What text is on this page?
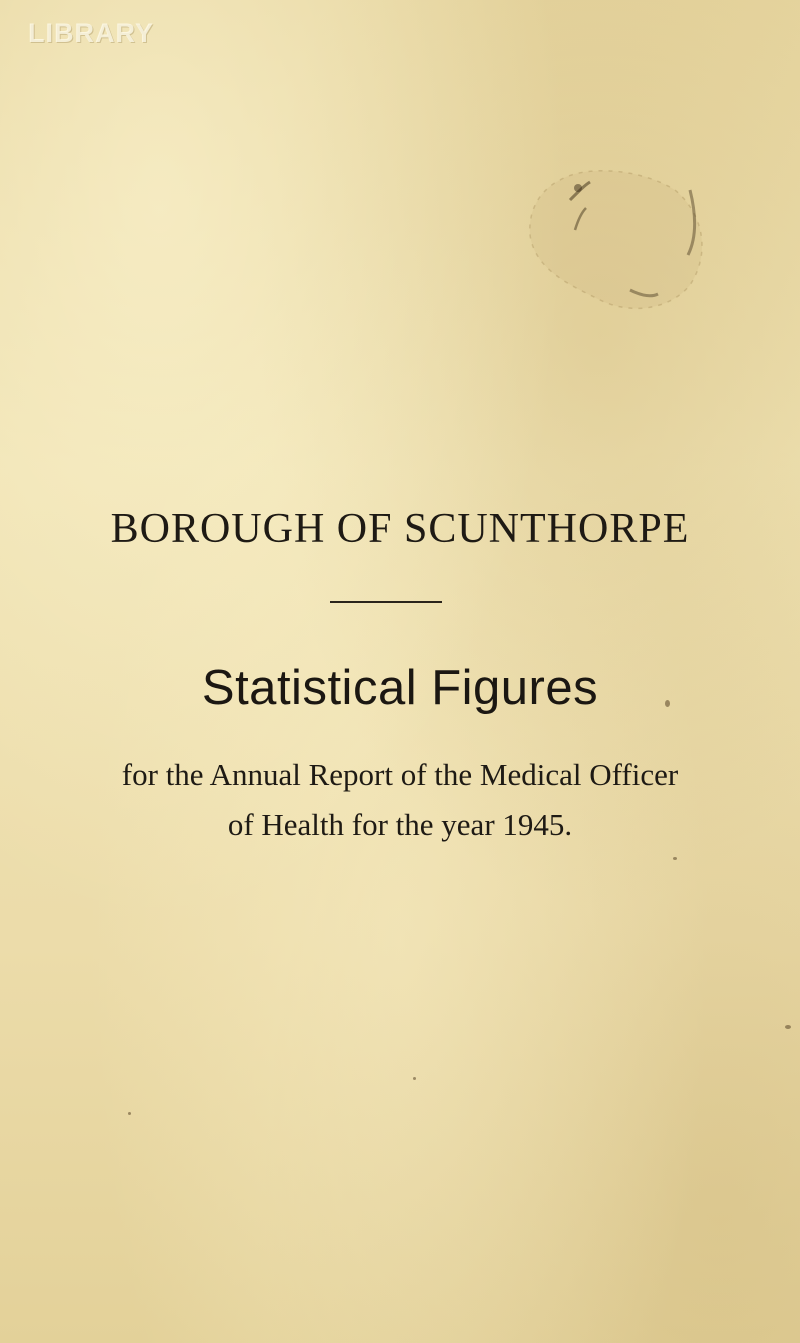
LIBRARY
BOROUGH OF SCUNTHORPE
Statistical Figures

for the Annual Report of the Medical Officer

of Health for the year 1945.
